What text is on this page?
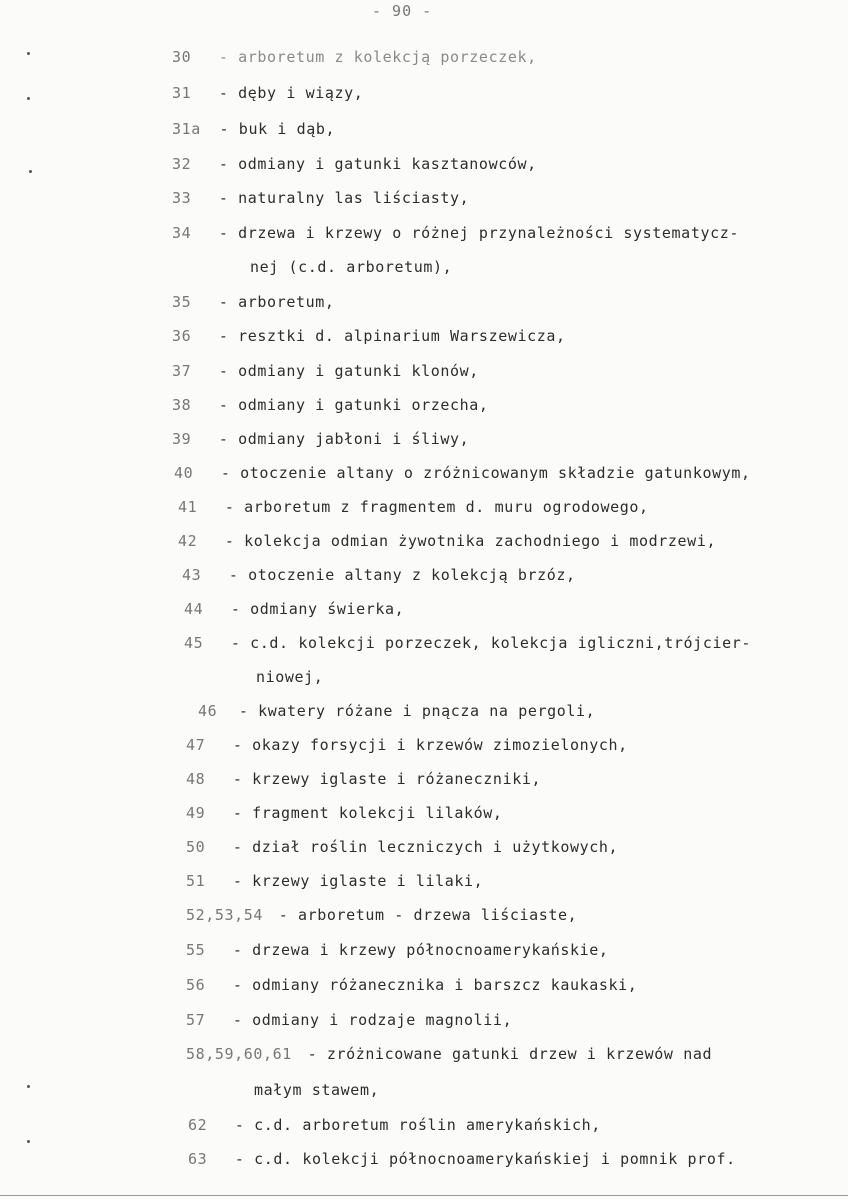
- 90 -
30 - arboretum z kolekcją porzeczek,
31 - dęby i wiązy,
31a - buk i dąb,
32 - odmiany i gatunki kasztanowców,
33 - naturalny las liściasty,
34 - drzewa i krzewy o różnej przynależności systematycz-
nej (c.d. arboretum),
35 - arboretum,
36 - resztki d. alpinarium Warszewicza,
37 - odmiany i gatunki klonów,
38 - odmiany i gatunki orzecha,
39 - odmiany jabłoni i śliwy,
40 - otoczenie altany o zróżnicowanym składzie gatunkowym,
41 - arboretum z fragmentem d. muru ogrodowego,
42 - kolekcja odmian żywotnika zachodniego i modrzewi,
43 - otoczenie altany z kolekcją brzóz,
44 - odmiany świerka,
45 - c.d. kolekcji porzeczek, kolekcja igliczni,trójcier-
niowej,
46 - kwatery różane i pnącza na pergoli,
47 - okazy forsycji i krzewów zimozielonych,
48 - krzewy iglaste i różaneczniki,
49 - fragment kolekcji lilaków,
50 - dział roślin leczniczych i użytkowych,
51 - krzewy iglaste i lilaki,
52,53,54 - arboretum - drzewa liściaste,
55 - drzewa i krzewy północnoamerykańskie,
56 - odmiany różanecznika i barszcz kaukaski,
57 - odmiany i rodzaje magnolii,
58,59,60,61 - zróżnicowane gatunki drzew i krzewów nad
małym stawem,
62 - c.d. arboretum roślin amerykańskich,
63 - c.d. kolekcji północnoamerykańskiej i pomnik prof.
